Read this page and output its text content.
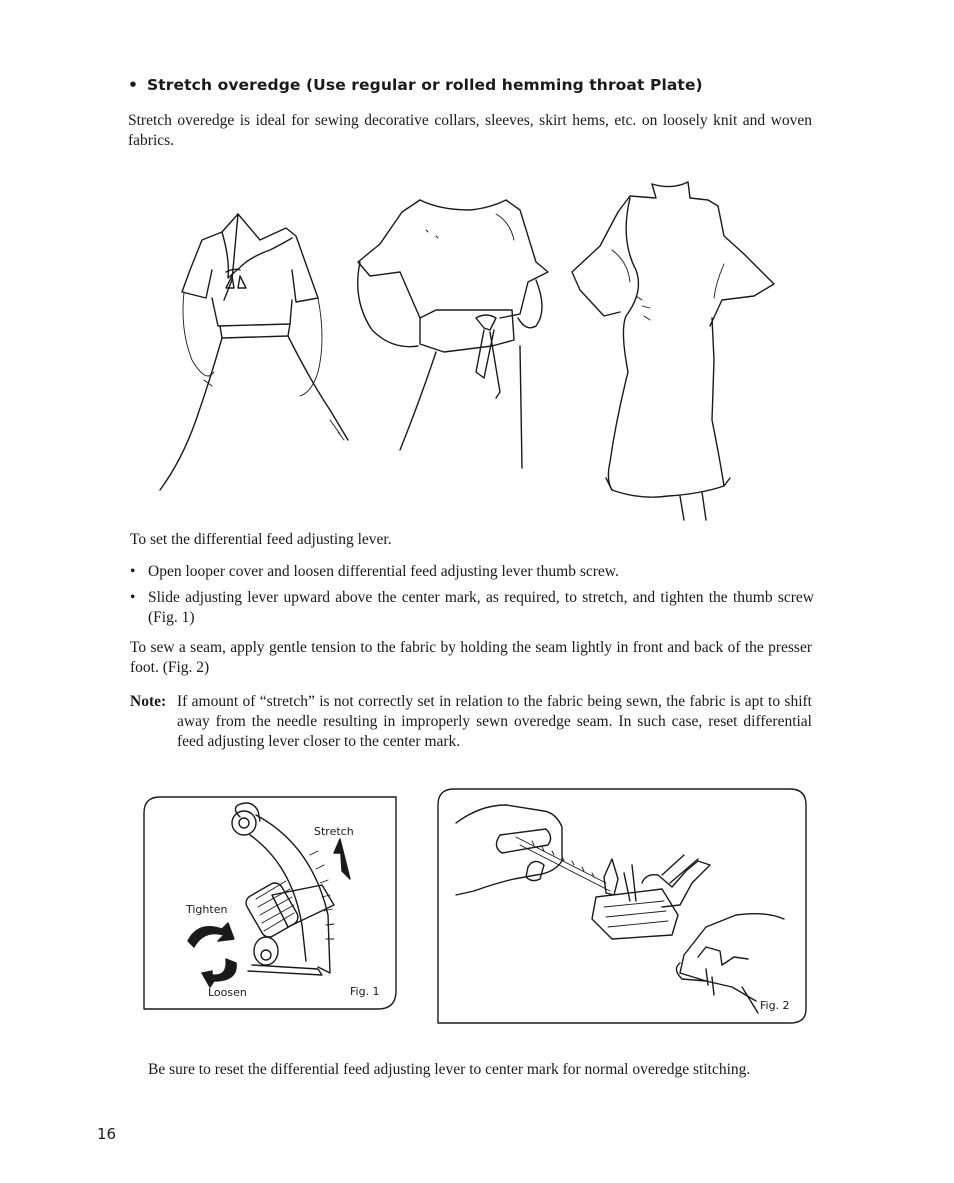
• Stretch overedge (Use regular or rolled hemming throat Plate)
Stretch overedge is ideal for sewing decorative collars, sleeves, skirt hems, etc. on loosely knit and woven fabrics.
To set the differential feed adjusting lever.
• Open looper cover and loosen differential feed adjusting lever thumb screw.
• Slide adjusting lever upward above the center mark, as required, to stretch, and tighten the thumb screw (Fig. 1)
To sew a seam, apply gentle tension to the fabric by holding the seam lightly in front and back of the presser foot. (Fig. 2)
Note: If amount of “stretch” is not correctly set in relation to the fabric being sewn, the fabric is apt to shift away from the needle resulting in improperly sewn overedge seam. In such case, reset differential feed adjusting lever closer to the center mark.
Stretch
Tighten
Loosen	Fig. 1
Fig. 2
Be sure to reset the differential feed adjusting lever to center mark for normal overedge stitching.
16
